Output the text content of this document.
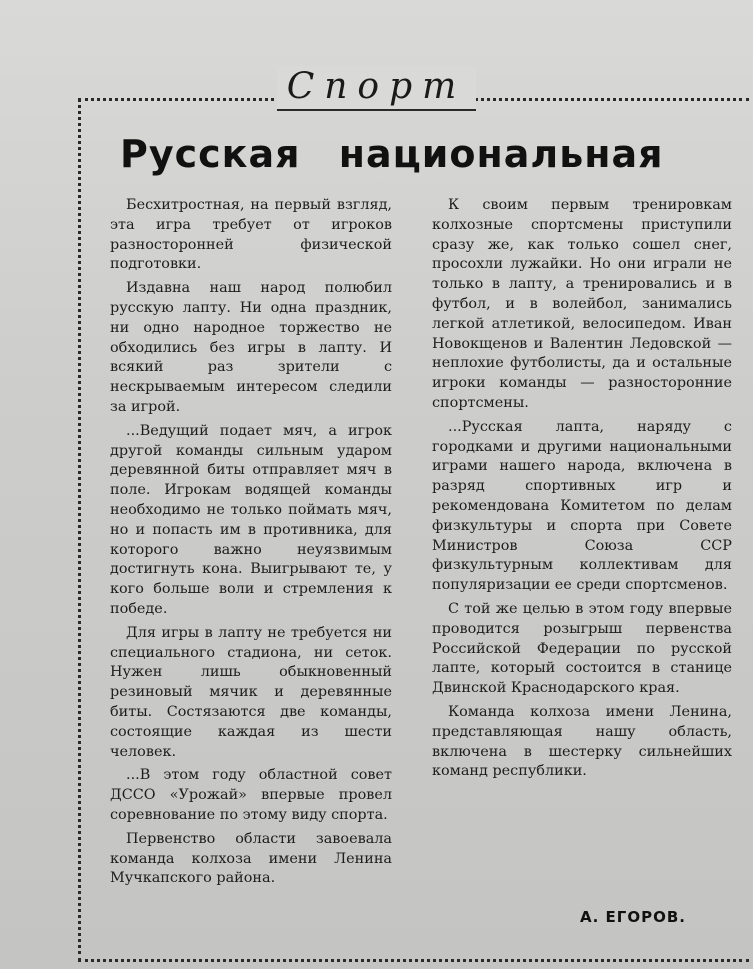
Спорт
Русская национальная

Бесхитростная, на первый взгляд, эта игра требует от игроков разносторонней физической подготовки.

Издавна наш народ полюбил русскую лапту. Ни одна праздник, ни одно народное торжество не обходились без игры в лапту. И всякий раз зрители с нескрываемым интересом следили за игрой.

...Ведущий подает мяч, а игрок другой команды сильным ударом деревянной биты отправляет мяч в поле. Игрокам водящей команды необходимо не только поймать мяч, но и попасть им в противника, для которого важно неуязвимым достигнуть кона. Выигрывают те, у кого больше воли и стремления к победе.

Для игры в лапту не требуется ни специального стадиона, ни сеток. Нужен лишь обыкновенный резиновый мячик и деревянные биты. Состязаются две команды, состоящие каждая из шести человек.

...В этом году областной совет ДССО «Урожай» впервые провел соревнование по этому виду спорта.

Первенство области завоевала команда колхоза имени Ленина Мучкапского района.

К своим первым тренировкам колхозные спортсмены приступили сразу же, как только сошел снег, просохли лужайки. Но они играли не только в лапту, а тренировались и в футбол, и в волейбол, занимались легкой атлетикой, велосипедом. Иван Новокщенов и Валентин Ледовской — неплохие футболисты, да и остальные игроки команды — разносторонние спортсмены.

...Русская лапта, наряду с городками и другими национальными играми нашего народа, включена в разряд спортивных игр и рекомендована Комитетом по делам физкультуры и спорта при Совете Министров Союза ССР физкультурным коллективам для популяризации ее среди спортсменов.

С той же целью в этом году впервые проводится розыгрыш первенства Российской Федерации по русской лапте, который состоится в станице Двинской Краснодарского края.

Команда колхоза имени Ленина, представляющая нашу область, включена в шестерку сильнейших команд республики.

А. ЕГОРОВ.
